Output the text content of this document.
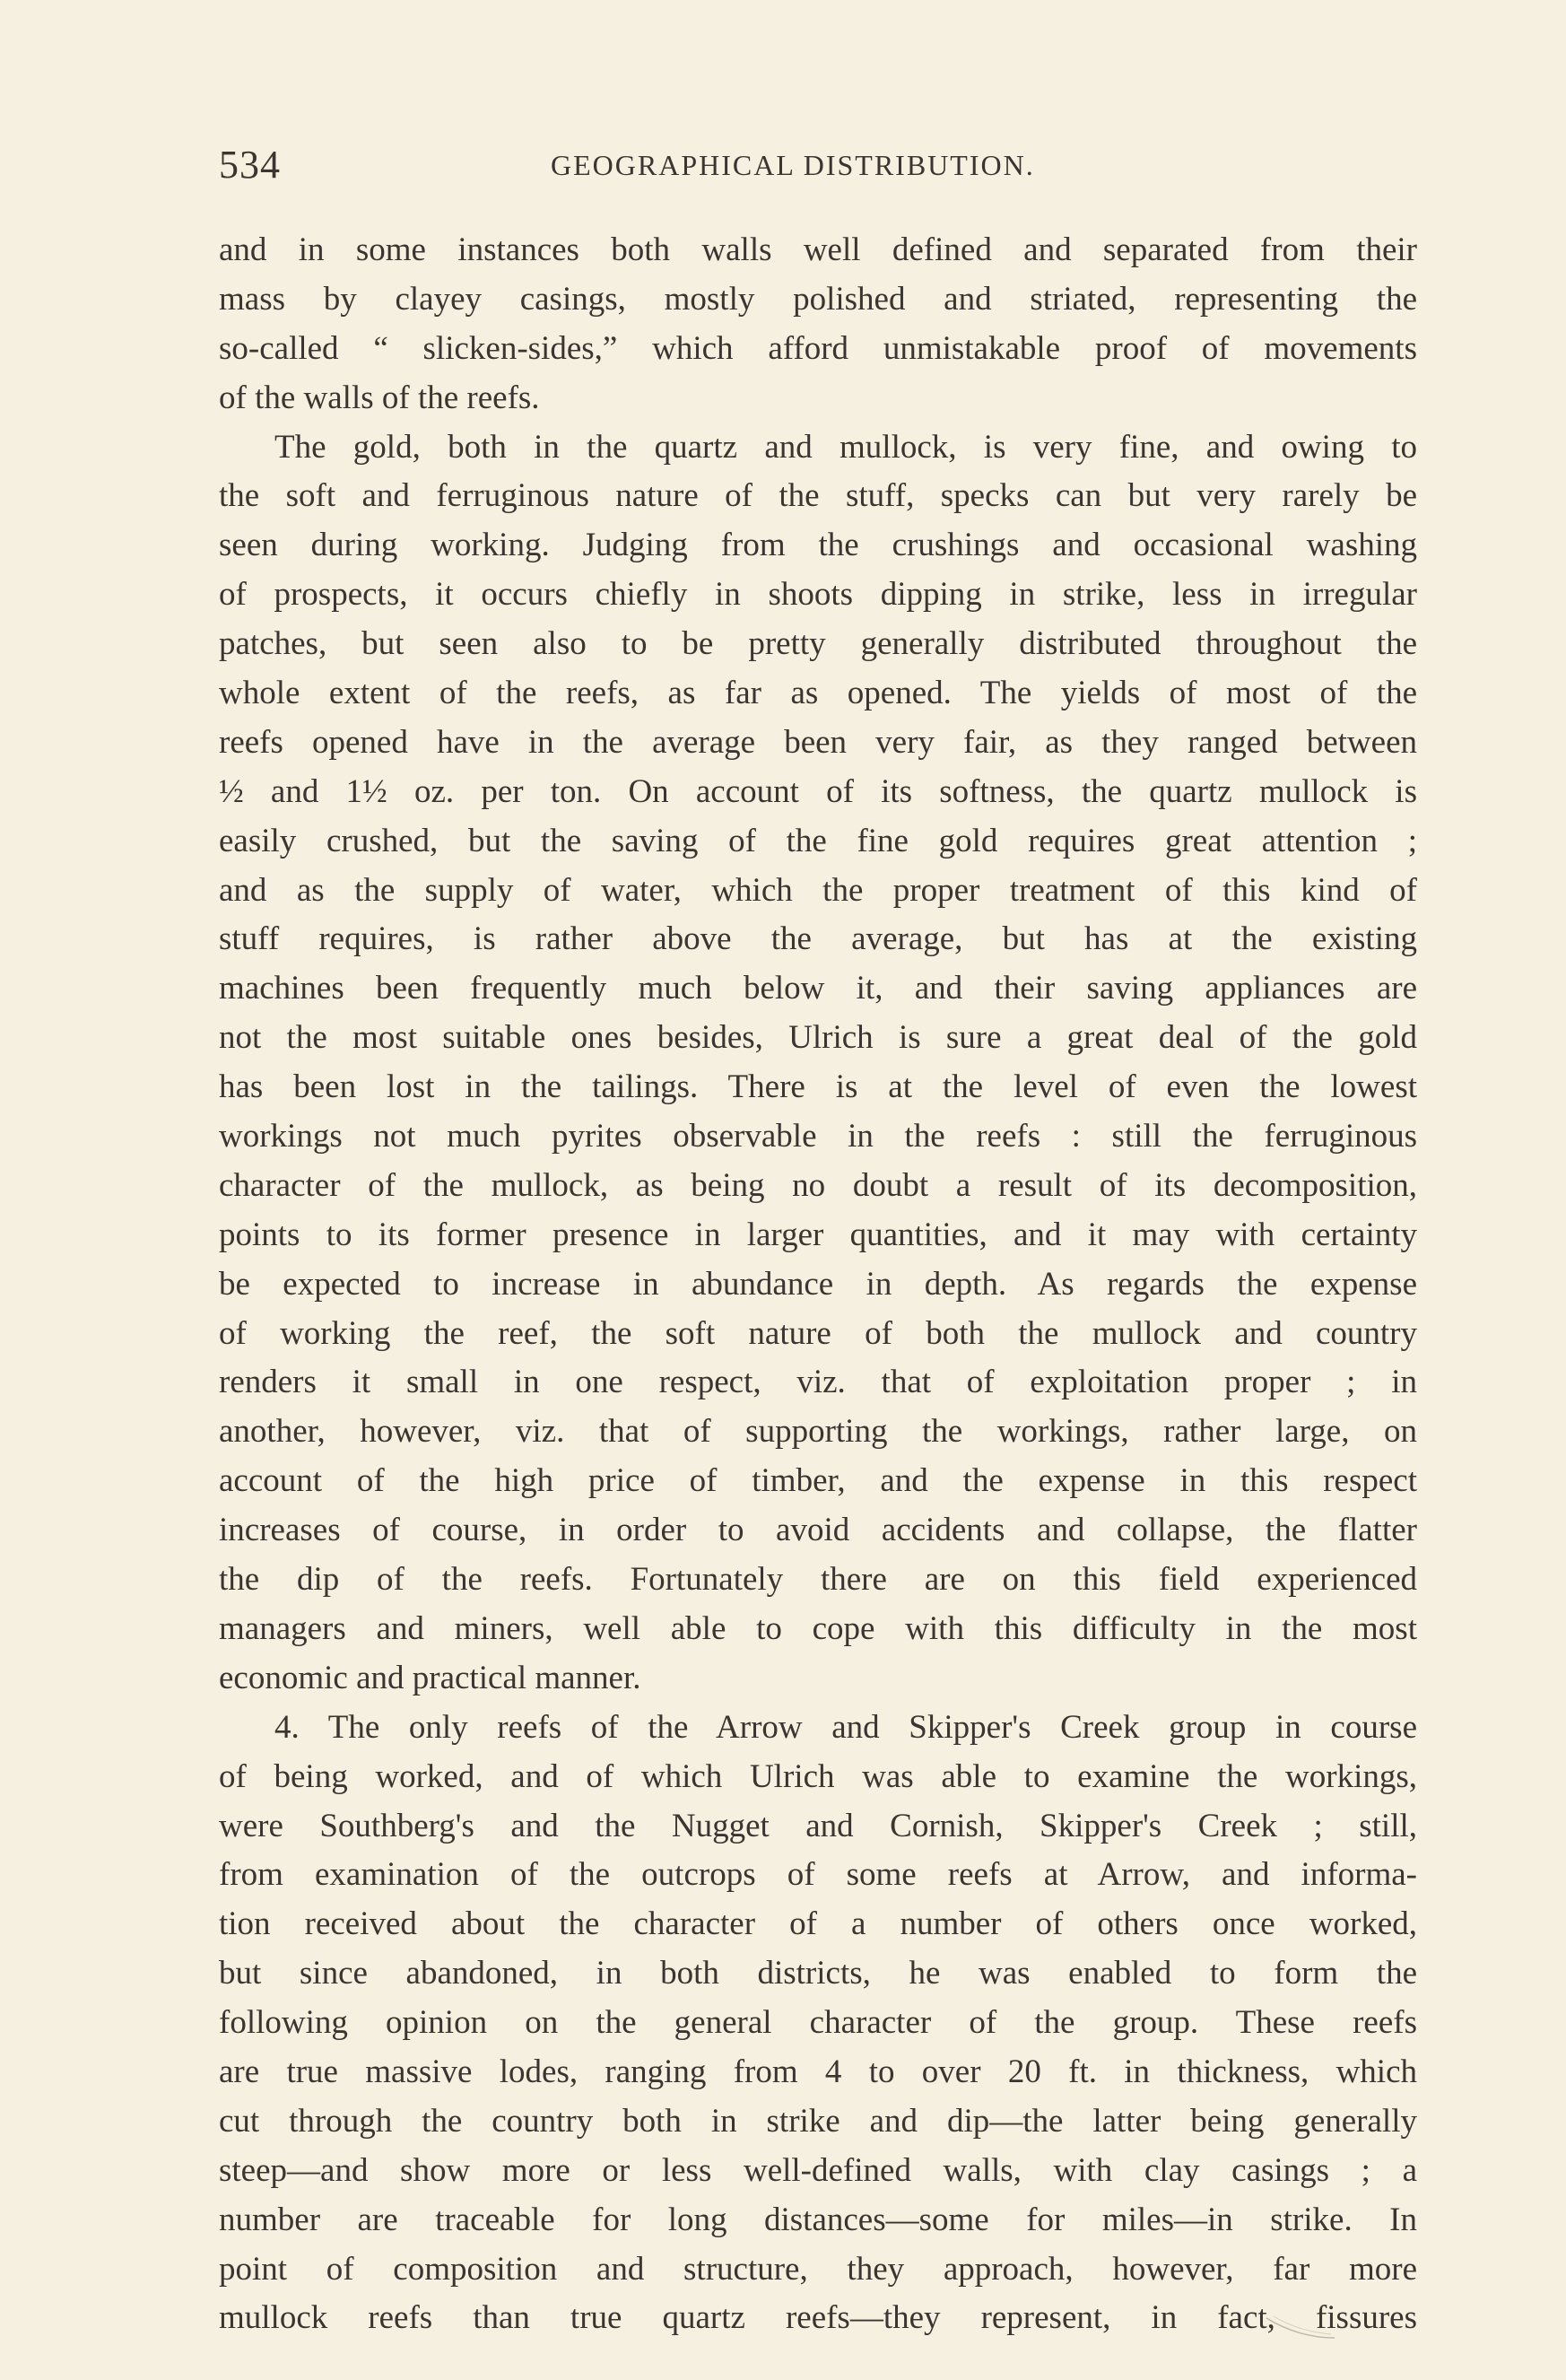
534	GEOGRAPHICAL DISTRIBUTION.
and in some instances both walls well defined and separated from their
mass by clayey casings, mostly polished and striated, representing the
so-called “ slicken-sides,” which afford unmistakable proof of movements
of the walls of the reefs.
The gold, both in the quartz and mullock, is very fine, and owing to
the soft and ferruginous nature of the stuff, specks can but very rarely be
seen during working. Judging from the crushings and occasional washing
of prospects, it occurs chiefly in shoots dipping in strike, less in irregular
patches, but seen also to be pretty generally distributed throughout the
whole extent of the reefs, as far as opened. The yields of most of the
reefs opened have in the average been very fair, as they ranged between
½ and 1½ oz. per ton. On account of its softness, the quartz mullock is
easily crushed, but the saving of the fine gold requires great attention ;
and as the supply of water, which the proper treatment of this kind of
stuff requires, is rather above the average, but has at the existing
machines been frequently much below it, and their saving appliances are
not the most suitable ones besides, Ulrich is sure a great deal of the gold
has been lost in the tailings. There is at the level of even the lowest
workings not much pyrites observable in the reefs : still the ferruginous
character of the mullock, as being no doubt a result of its decomposition,
points to its former presence in larger quantities, and it may with certainty
be expected to increase in abundance in depth. As regards the expense
of working the reef, the soft nature of both the mullock and country
renders it small in one respect, viz. that of exploitation proper ; in
another, however, viz. that of supporting the workings, rather large, on
account of the high price of timber, and the expense in this respect
increases of course, in order to avoid accidents and collapse, the flatter
the dip of the reefs. Fortunately there are on this field experienced
managers and miners, well able to cope with this difficulty in the most
economic and practical manner.
4. The only reefs of the Arrow and Skipper's Creek group in course
of being worked, and of which Ulrich was able to examine the workings,
were Southberg's and the Nugget and Cornish, Skipper's Creek ; still,
from examination of the outcrops of some reefs at Arrow, and informa-
tion received about the character of a number of others once worked,
but since abandoned, in both districts, he was enabled to form the
following opinion on the general character of the group. These reefs
are true massive lodes, ranging from 4 to over 20 ft. in thickness, which
cut through the country both in strike and dip—the latter being generally
steep—and show more or less well-defined walls, with clay casings ; a
number are traceable for long distances—some for miles—in strike. In
point of composition and structure, they approach, however, far more
mullock reefs than true quartz reefs—they represent, in fact, fissures
